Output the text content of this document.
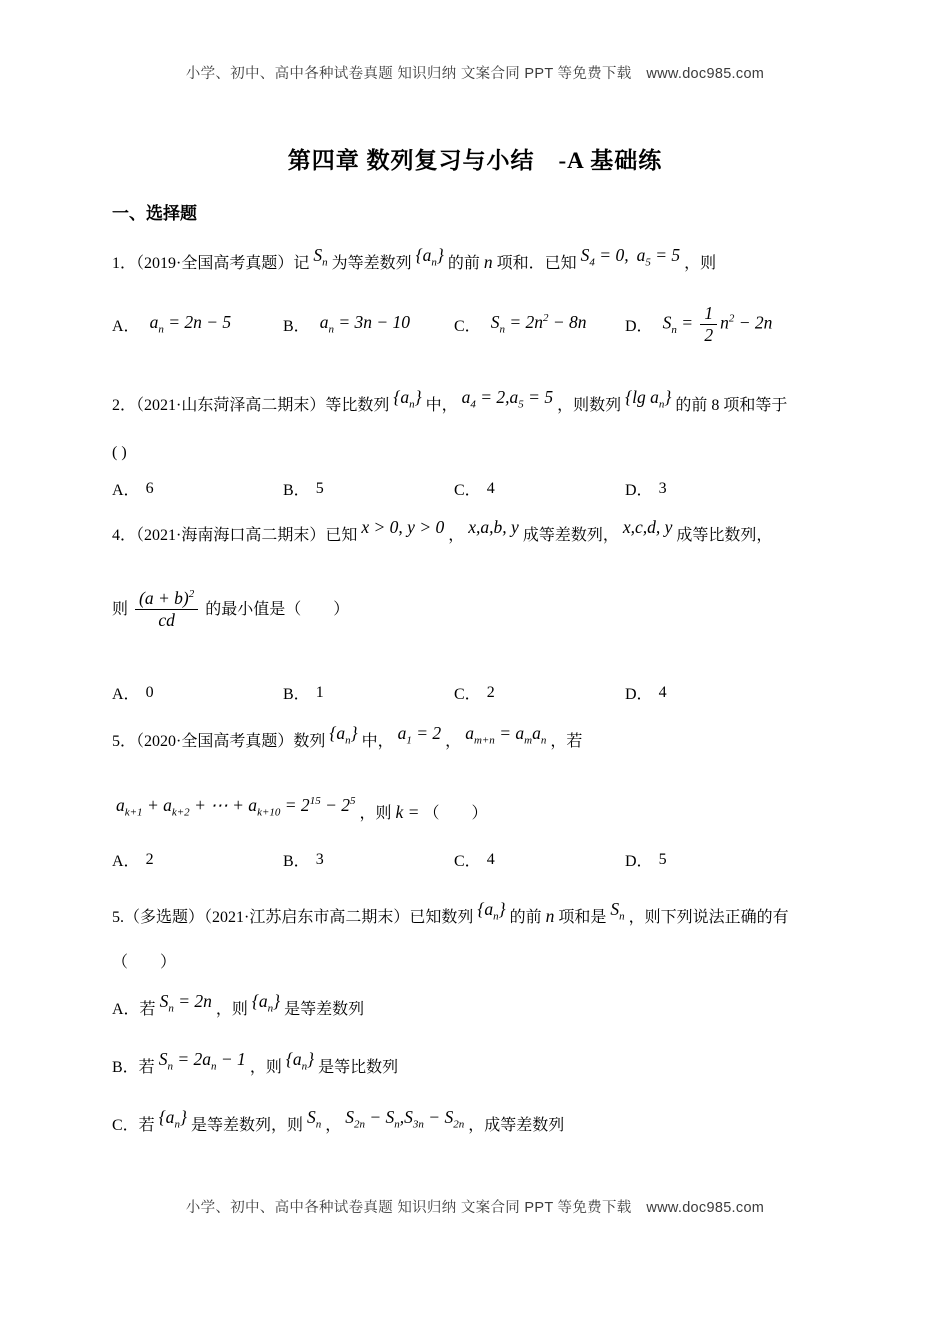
小学、初中、高中各种试卷真题 知识归纳 文案合同 PPT 等免费下载　www.doc985.com
第四章 数列复习与小结　-A 基础练
一、选择题
1．（2019·全国高考真题）记 $S_n$ 为等差数列 $\{a_n\}$ 的前 n 项和．已知 $S_4 = 0$, $a_5 = 5$ ，则
A． $a_n = 2n - 5$	B． $a_n = 3n - 10$	C． $S_n = 2n^2 - 8n$ D． $S_n = \frac{1}{2} n^2 - 2n$
2．（2021·山东菏泽高二期末）等比数列 $\{a_n\}$ 中， $a_4 = 2,a_5 = 5$ ，则数列 {lg $a_n$} 的前 8 项和等于
( )
A． 6	B． 5	C． 4	D． 3
4．（2021·海南海口高二期末）已知 x > 0, y > 0 ， x,a,b, y 成等差数列， x,c,d, y 成等比数列，
则 $\frac{(a + b)^2}{cd}$ 的最小值是（　　）
A． 0	B． 1	C． 2	D． 4
5．（2020·全国高考真题）数列 $\{a_n\}$ 中， $a_1 = 2$ ， $a_{m+n} = a_ma_n$ ，若
$a_{k+1} + a_{k+2}$ + ⋯ + $a_{k+10} = 2^{15} - 2^5$，则 k = （　　）
A． 2	B． 3	C． 4	D． 5
5.（多选题）（2021·江苏启东市高二期末）已知数列 $\{a_n\}$ 的前 n 项和是 $S_n$ ，则下列说法正确的有
（　　）
A．若 $S_n = 2n$ ，则 $\{a_n\}$ 是等差数列
B．若 $S_n = 2a_n - 1$ ，则 $\{a_n\}$ 是等比数列
C．若 $\{a_n\}$ 是等差数列，则 $S_n$ ， $S_{2n} - S_n,S_{3n} - S_{2n}$ ，成等差数列
小学、初中、高中各种试卷真题 知识归纳 文案合同 PPT 等免费下载　www.doc985.com
